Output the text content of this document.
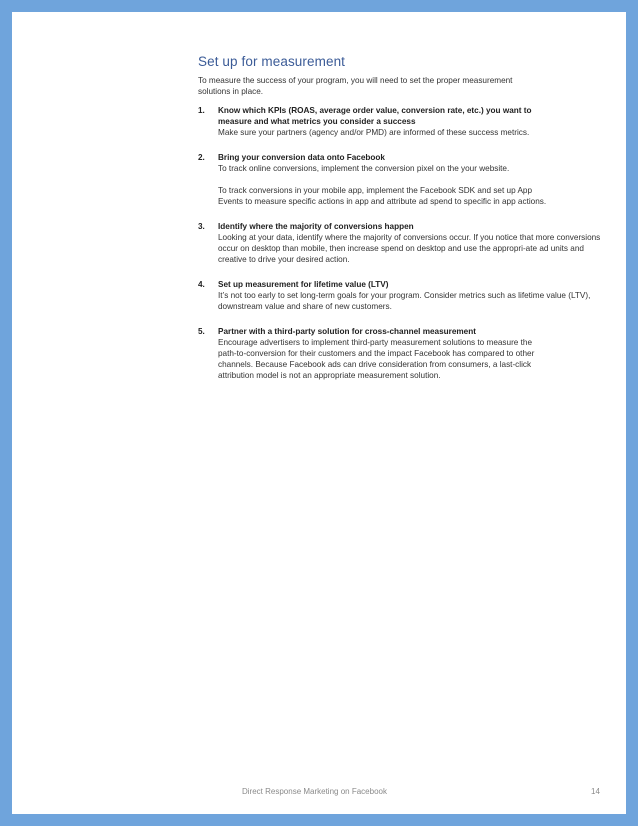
Set up for measurement

To measure the success of your program, you will need to set the proper measurement solutions in place.

1. Know which KPIs (ROAS, average order value, conversion rate, etc.) you want to measure and what metrics you consider a success

Make sure your partners (agency and/or PMD) are informed of these success metrics.

2. Bring your conversion data onto Facebook

To track online conversions, implement the conversion pixel on the your website.

To track conversions in your mobile app, implement the Facebook SDK and set up App Events to measure specific actions in app and attribute ad spend to specific in app actions.

3. Identify where the majority of conversions happen

Looking at your data, identify where the majority of conversions occur. If you notice that more conversions occur on desktop than mobile, then increase spend on desktop and use the appropri-ate ad units and creative to drive your desired action.

4. Set up measurement for lifetime value (LTV)

It’s not too early to set long-term goals for your program. Consider metrics such as lifetime value (LTV), downstream value and share of new customers.

5. Partner with a third-party solution for cross-channel measurement

Encourage advertisers to implement third-party measurement solutions to measure the path-to-conversion for their customers and the impact Facebook has compared to other channels. Because Facebook ads can drive consideration from consumers, a last-click attribution model is not an appropriate measurement solution.

Direct Response Marketing on Facebook	14
